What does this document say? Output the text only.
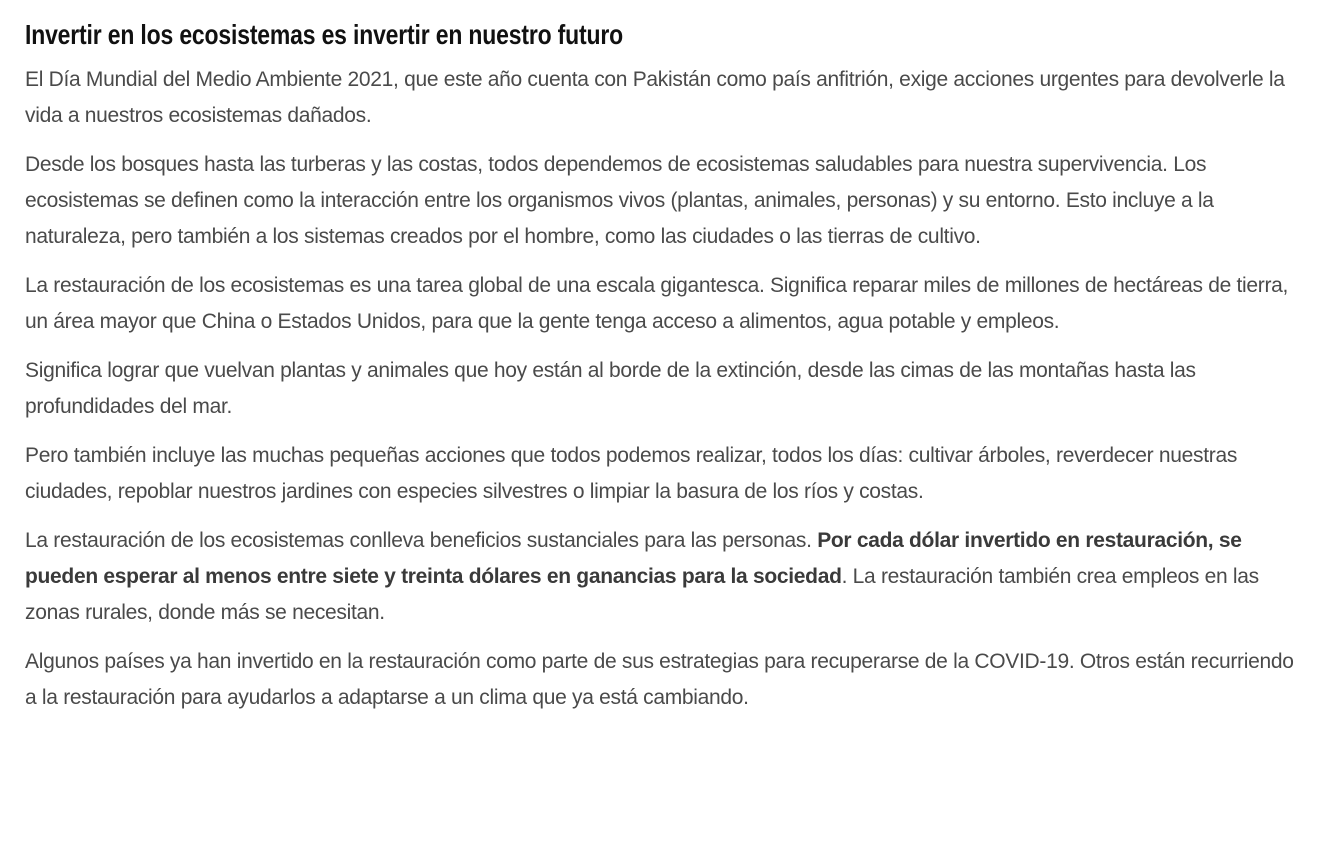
Invertir en los ecosistemas es invertir en nuestro futuro

El Día Mundial del Medio Ambiente 2021, que este año cuenta con Pakistán como país anfitrión, exige acciones urgentes para devolverle la vida a nuestros ecosistemas dañados.

Desde los bosques hasta las turberas y las costas, todos dependemos de ecosistemas saludables para nuestra supervivencia. Los ecosistemas se definen como la interacción entre los organismos vivos (plantas, animales, personas) y su entorno. Esto incluye a la naturaleza, pero también a los sistemas creados por el hombre, como las ciudades o las tierras de cultivo.

La restauración de los ecosistemas es una tarea global de una escala gigantesca. Significa reparar miles de millones de hectáreas de tierra, un área mayor que China o Estados Unidos, para que la gente tenga acceso a alimentos, agua potable y empleos.

Significa lograr que vuelvan plantas y animales que hoy están al borde de la extinción, desde las cimas de las montañas hasta las profundidades del mar.

Pero también incluye las muchas pequeñas acciones que todos podemos realizar, todos los días: cultivar árboles, reverdecer nuestras ciudades, repoblar nuestros jardines con especies silvestres o limpiar la basura de los ríos y costas.

La restauración de los ecosistemas conlleva beneficios sustanciales para las personas. Por cada dólar invertido en restauración, se pueden esperar al menos entre siete y treinta dólares en ganancias para la sociedad. La restauración también crea empleos en las zonas rurales, donde más se necesitan.

Algunos países ya han invertido en la restauración como parte de sus estrategias para recuperarse de la COVID-19. Otros están recurriendo a la restauración para ayudarlos a adaptarse a un clima que ya está cambiando.
